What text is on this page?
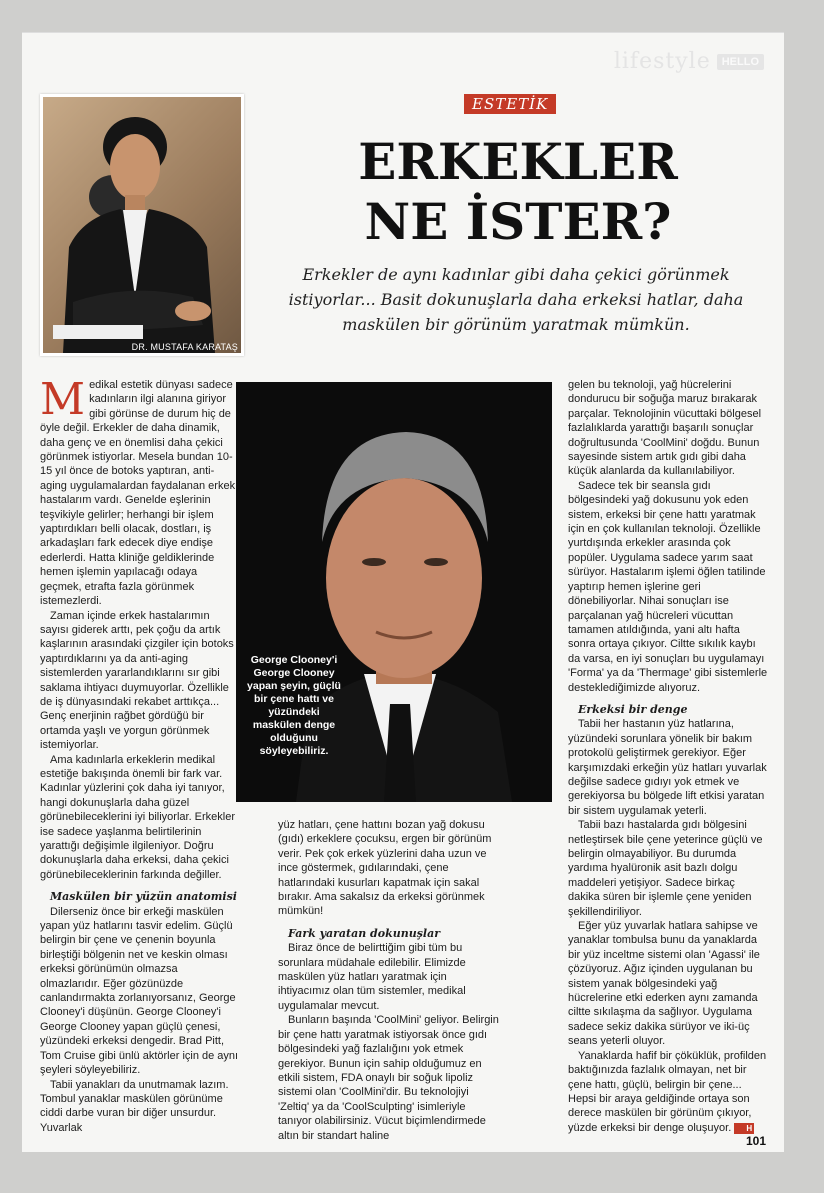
lifestyle	HELLO
DR. MUSTAFA KARATAŞ
ESTETİK
ERKEKLER
NE İSTER?

Erkekler de aynı kadınlar gibi daha çekici görünmek istiyorlar... Basit dokunuşlarla daha erkeksi hatlar, daha maskülen bir görünüm yaratmak mümkün.

Medikal estetik dünyası sadece kadınların ilgi alanına giriyor gibi görünse de durum hiç de öyle değil. Erkekler de daha dinamik, daha genç ve en önemlisi daha çekici görünmek istiyorlar. Mesela bundan 10-15 yıl önce de botoks yaptıran, anti-aging uygulamalardan faydalanan erkek hastalarım vardı. Genelde eşlerinin teşvikiyle gelirler; herhangi bir işlem yaptırdıkları belli olacak, dostları, iş arkadaşları fark edecek diye endişe ederlerdi. Hatta kliniğe geldiklerinde hemen işlemin yapılacağı odaya geçmek, etrafta fazla görünmek istemezlerdi.

Zaman içinde erkek hastalarımın sayısı giderek arttı, pek çoğu da artık kaşlarının arasındaki çizgiler için botoks yaptırdıklarını ya da anti-aging sistemlerden yararlandıklarını sır gibi saklama ihtiyacı duymuyorlar. Özellikle de iş dünyasındaki rekabet arttıkça... Genç enerjinin rağbet gördüğü bir ortamda yaşlı ve yorgun görünmek istemiyorlar.

Ama kadınlarla erkeklerin medikal estetiğe bakışında önemli bir fark var. Kadınlar yüzlerini çok daha iyi tanıyor, hangi dokunuşlarla daha güzel görünebileceklerini iyi biliyorlar. Erkekler ise sadece yaşlanma belirtilerinin yarattığı değişimle ilgileniyor. Doğru dokunuşlarla daha erkeksi, daha çekici görünebileceklerinin farkında değiller.

Maskülen bir yüzün anatomisi

Dilerseniz önce bir erkeği maskülen yapan yüz hatlarını tasvir edelim. Güçlü belirgin bir çene ve çenenin boyunla birleştiği bölgenin net ve keskin olması erkeksi görünümün olmazsa olmazlarıdır. Eğer gözünüzde canlandırmakta zorlanıyorsanız, George Clooney'i düşünün. George Clooney'i George Clooney yapan güçlü çenesi, yüzündeki erkeksi dengedir. Brad Pitt, Tom Cruise gibi ünlü aktörler için de aynı şeyleri söyleyebiliriz.

Tabii yanakları da unutmamak lazım. Tombul yanaklar maskülen görünüme ciddi darbe vuran bir diğer unsurdur. Yuvarlak

George Clooney'i George Clooney yapan şeyin, güçlü bir çene hattı ve yüzündeki maskülen denge olduğunu söyleyebiliriz.

yüz hatları, çene hattını bozan yağ dokusu (gıdı) erkeklere çocuksu, ergen bir görünüm verir. Pek çok erkek yüzlerini daha uzun ve ince göstermek, gıdılarındaki, çene hatlarındaki kusurları kapatmak için sakal bırakır. Ama sakalsız da erkeksi görünmek mümkün!

Fark yaratan dokunuşlar

Biraz önce de belirttiğim gibi tüm bu sorunlara müdahale edilebilir. Elimizde maskülen yüz hatları yaratmak için ihtiyacımız olan tüm sistemler, medikal uygulamalar mevcut.

Bunların başında 'CoolMini' geliyor. Belirgin bir çene hattı yaratmak istiyorsak önce gıdı bölgesindeki yağ fazlalığını yok etmek gerekiyor. Bunun için sahip olduğumuz en etkili sistem, FDA onaylı bir soğuk lipoliz sistemi olan 'CoolMini'dir. Bu teknolojiyi 'Zeltiq' ya da 'CoolSculpting' isimleriyle tanıyor olabilirsiniz. Vücut biçimlendirmede altın bir standart haline

gelen bu teknoloji, yağ hücrelerini dondurucu bir soğuğa maruz bırakarak parçalar. Teknolojinin vücuttaki bölgesel fazlalıklarda yarattığı başarılı sonuçlar doğrultusunda 'CoolMini' doğdu. Bunun sayesinde sistem artık gıdı gibi daha küçük alanlarda da kullanılabiliyor.

Sadece tek bir seansla gıdı bölgesindeki yağ dokusunu yok eden sistem, erkeksi bir çene hattı yaratmak için en çok kullanılan teknoloji. Özellikle yurtdışında erkekler arasında çok popüler. Uygulama sadece yarım saat sürüyor. Hastalarım işlemi öğlen tatilinde yaptırıp hemen işlerine geri dönebiliyorlar. Nihai sonuçları ise parçalanan yağ hücreleri vücuttan tamamen atıldığında, yani altı hafta sonra ortaya çıkıyor. Ciltte sıkılık kaybı da varsa, en iyi sonuçları bu uygulamayı 'Forma' ya da 'Thermage' gibi sistemlerle desteklediğimizde alıyoruz.

Erkeksi bir denge

Tabii her hastanın yüz hatlarına, yüzündeki sorunlara yönelik bir bakım protokolü geliştirmek gerekiyor. Eğer karşımızdaki erkeğin yüz hatları yuvarlak değilse sadece gıdıyı yok etmek ve gerekiyorsa bu bölgede lift etkisi yaratan bir sistem uygulamak yeterli.

Tabii bazı hastalarda gıdı bölgesini netleştirsek bile çene yeterince güçlü ve belirgin olmayabiliyor. Bu durumda yardıma hyalüronik asit bazlı dolgu maddeleri yetişiyor. Sadece birkaç dakika süren bir işlemle çene yeniden şekillendiriliyor.

Eğer yüz yuvarlak hatlara sahipse ve yanaklar tombulsa bunu da yanaklarda bir yüz inceltme sistemi olan 'Agassi' ile çözüyoruz. Ağız içinden uygulanan bu sistem yanak bölgesindeki yağ hücrelerine etki ederken aynı zamanda ciltte sıkılaşma da sağlıyor. Uygulama sadece sekiz dakika sürüyor ve iki-üç seans yeterli oluyor.

Yanaklarda hafif bir çöküklük, profilden baktığınızda fazlalık olmayan, net bir çene hattı, güçlü, belirgin bir çene... Hepsi bir araya geldiğinde ortaya son derece maskülen bir görünüm çıkıyor, yüzde erkeksi bir denge oluşuyor. H

101
